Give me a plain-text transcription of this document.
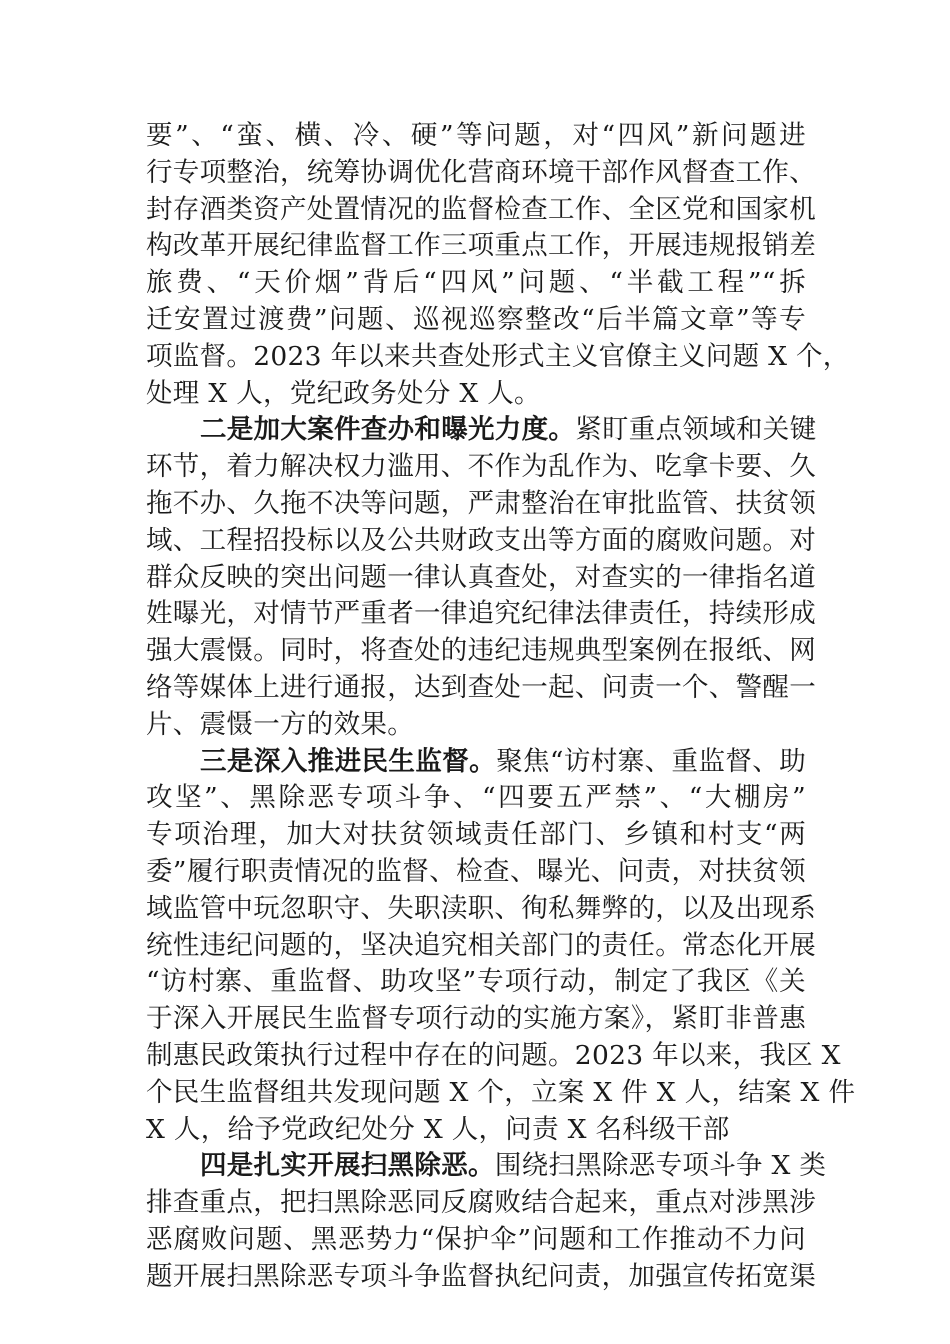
要”、“蛮、横、冷、硬”等问题，对“四风”新问题进
行专项整治，统筹协调优化营商环境干部作风督查工作、
封存酒类资产处置情况的监督检查工作、全区党和国家机
构改革开展纪律监督工作三项重点工作，开展违规报销差
旅费、“天价烟”背后“四风”问题、“半截工程”“拆
迁安置过渡费”问题、巡视巡察整改“后半篇文章”等专
项监督。2023 年以来共查处形式主义官僚主义问题 X 个，
处理 X 人，党纪政务处分 X 人。
二是加大案件查办和曝光力度。紧盯重点领域和关键
环节，着力解决权力滥用、不作为乱作为、吃拿卡要、久
拖不办、久拖不决等问题，严肃整治在审批监管、扶贫领
域、工程招投标以及公共财政支出等方面的腐败问题。对
群众反映的突出问题一律认真查处，对查实的一律指名道
姓曝光，对情节严重者一律追究纪律法律责任，持续形成
强大震慑。同时，将查处的违纪违规典型案例在报纸、网
络等媒体上进行通报，达到查处一起、问责一个、警醒一
片、震慑一方的效果。
三是深入推进民生监督。聚焦“访村寨、重监督、助
攻坚”、黑除恶专项斗争、“四要五严禁”、“大棚房”
专项治理，加大对扶贫领域责任部门、乡镇和村支“两
委”履行职责情况的监督、检查、曝光、问责，对扶贫领
域监管中玩忽职守、失职渎职、徇私舞弊的，以及出现系
统性违纪问题的，坚决追究相关部门的责任。常态化开展
“访村寨、重监督、助攻坚”专项行动，制定了我区《关
于深入开展民生监督专项行动的实施方案》，紧盯非普惠
制惠民政策执行过程中存在的问题。2023 年以来，我区 X
个民生监督组共发现问题 X 个，立案 X 件 X 人，结案 X 件
X 人，给予党政纪处分 X 人，问责 X 名科级干部
四是扎实开展扫黑除恶。围绕扫黑除恶专项斗争 X 类
排查重点，把扫黑除恶同反腐败结合起来，重点对涉黑涉
恶腐败问题、黑恶势力“保护伞”问题和工作推动不力问
题开展扫黑除恶专项斗争监督执纪问责，加强宣传拓宽渠
